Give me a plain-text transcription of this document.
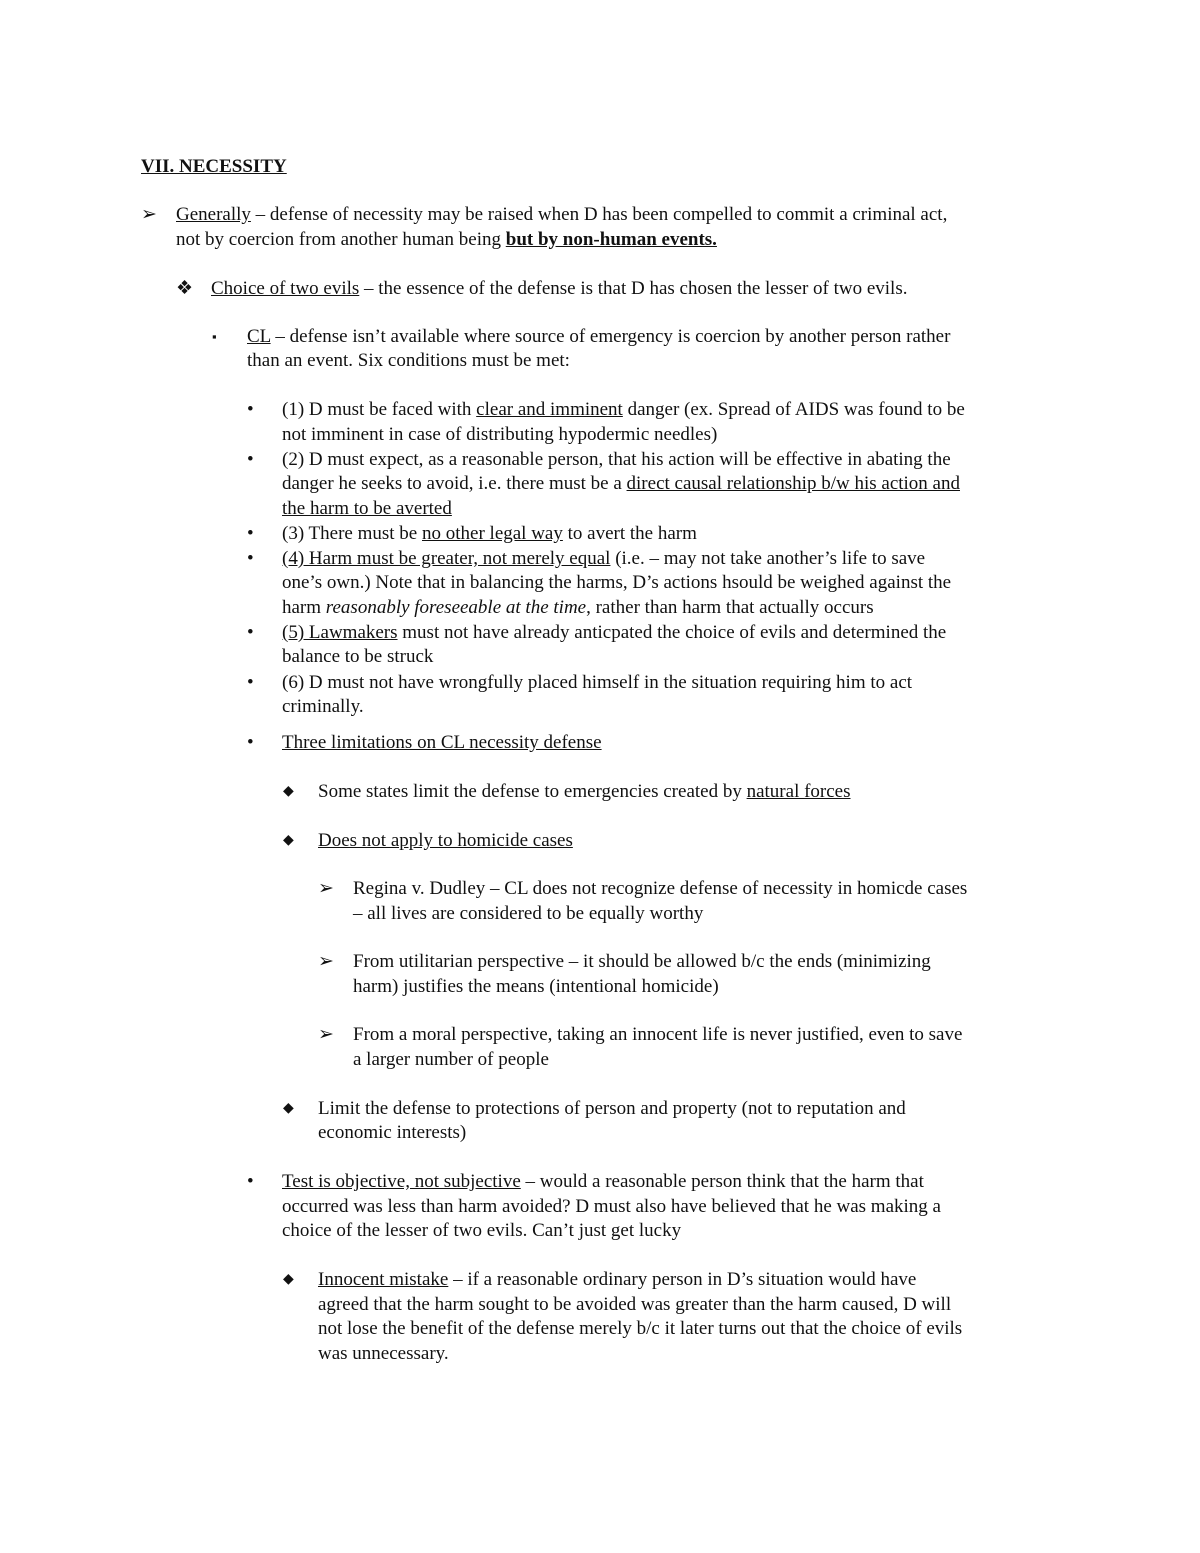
VII. NECESSITY
➢ Generally – defense of necessity may be raised when D has been compelled to commit a criminal act,
not by coercion from another human being but by non-human events.
❖ Choice of two evils – the essence of the defense is that D has chosen the lesser of two evils.
▪ CL – defense isn’t available where source of emergency is coercion by another person rather
than an event. Six conditions must be met:
• (1) D must be faced with clear and imminent danger (ex. Spread of AIDS was found to be
not imminent in case of distributing hypodermic needles)
• (2) D must expect, as a reasonable person, that his action will be effective in abating the
danger he seeks to avoid, i.e. there must be a direct causal relationship b/w his action and
the harm to be averted
• (3) There must be no other legal way to avert the harm
• (4) Harm must be greater, not merely equal (i.e. – may not take another’s life to save
one’s own.) Note that in balancing the harms, D’s actions hsould be weighed against the
harm reasonably foreseeable at the time, rather than harm that actually occurs
• (5) Lawmakers must not have already anticpated the choice of evils and determined the
balance to be struck
• (6) D must not have wrongfully placed himself in the situation requiring him to act
criminally.
• Three limitations on CL necessity defense
◆ Some states limit the defense to emergencies created by natural forces
◆ Does not apply to homicide cases
➢ Regina v. Dudley – CL does not recognize defense of necessity in homicde cases
– all lives are considered to be equally worthy
➢ From utilitarian perspective – it should be allowed b/c the ends (minimizing
harm) justifies the means (intentional homicide)
➢ From a moral perspective, taking an innocent life is never justified, even to save
a larger number of people
◆ Limit the defense to protections of person and property (not to reputation and
economic interests)
• Test is objective, not subjective – would a reasonable person think that the harm that
occurred was less than harm avoided? D must also have believed that he was making a
choice of the lesser of two evils. Can’t just get lucky
◆ Innocent mistake – if a reasonable ordinary person in D’s situation would have
agreed that the harm sought to be avoided was greater than the harm caused, D will
not lose the benefit of the defense merely b/c it later turns out that the choice of evils
was unnecessary.
